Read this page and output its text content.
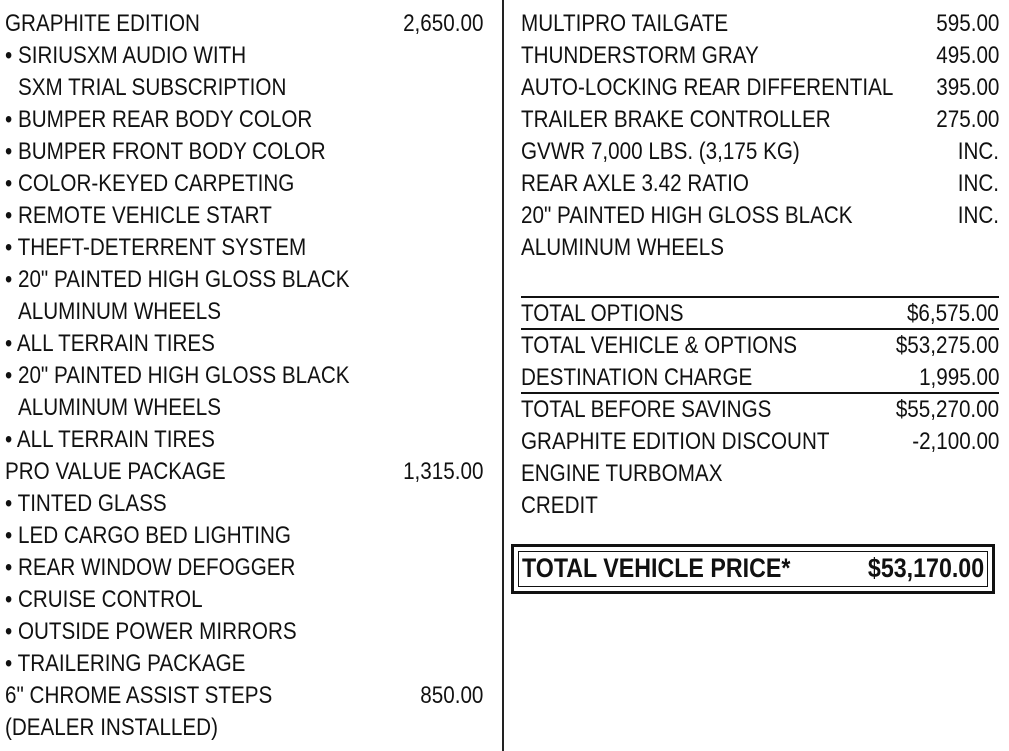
GRAPHITE EDITION	2,650.00
• SIRIUSXM AUDIO WITH
SXM TRIAL SUBSCRIPTION
• BUMPER REAR BODY COLOR
• BUMPER FRONT BODY COLOR
• COLOR-KEYED CARPETING
• REMOTE VEHICLE START
• THEFT-DETERRENT SYSTEM
• 20" PAINTED HIGH GLOSS BLACK
ALUMINUM WHEELS
• ALL TERRAIN TIRES
• 20" PAINTED HIGH GLOSS BLACK
ALUMINUM WHEELS
• ALL TERRAIN TIRES
PRO VALUE PACKAGE	1,315.00
• TINTED GLASS
• LED CARGO BED LIGHTING
• REAR WINDOW DEFOGGER
• CRUISE CONTROL
• OUTSIDE POWER MIRRORS
• TRAILERING PACKAGE
6" CHROME ASSIST STEPS	850.00
(DEALER INSTALLED)
MULTIPRO TAILGATE	595.00
THUNDERSTORM GRAY	495.00
AUTO-LOCKING REAR DIFFERENTIAL 395.00
TRAILER BRAKE CONTROLLER	275.00
GVWR 7,000 LBS. (3,175 KG)	INC.
REAR AXLE 3.42 RATIO	INC.
20" PAINTED HIGH GLOSS BLACK	INC.
ALUMINUM WHEELS
TOTAL OPTIONS	$6,575.00
TOTAL VEHICLE & OPTIONS	$53,275.00
DESTINATION CHARGE	1,995.00
TOTAL BEFORE SAVINGS	$55,270.00
GRAPHITE EDITION DISCOUNT	-2,100.00
ENGINE TURBOMAX
CREDIT
TOTAL VEHICLE PRICE*	$53,170.00
